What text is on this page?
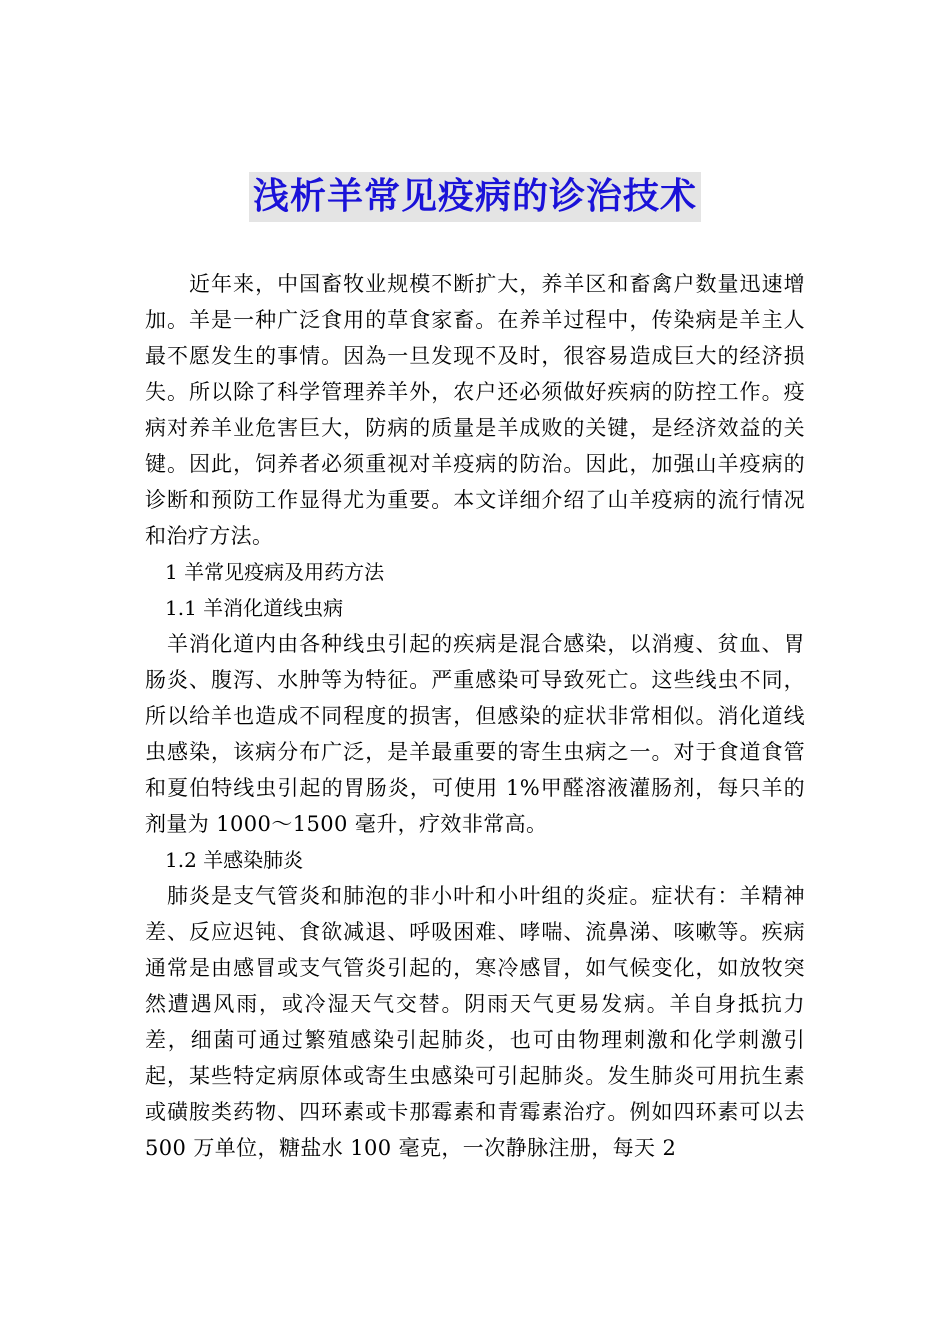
浅析羊常见疫病的诊治技术

近年来，中国畜牧业规模不断扩大，养羊区和畜禽户数量迅速增加。羊是一种广泛食用的草食家畜。在养羊过程中，传染病是羊主人最不愿发生的事情。因為一旦发现不及时，很容易造成巨大的经济损失。所以除了科学管理养羊外，农户还必须做好疾病的防控工作。疫病对养羊业危害巨大，防病的质量是羊成败的关键，是经济效益的关键。因此，饲养者必须重视对羊疫病的防治。因此，加强山羊疫病的诊断和预防工作显得尤为重要。本文详细介绍了山羊疫病的流行情况和治疗方法。

1 羊常见疫病及用药方法

1.1 羊消化道线虫病

羊消化道内由各种线虫引起的疾病是混合感染，以消瘦、贫血、胃肠炎、腹泻、水肿等为特征。严重感染可导致死亡。这些线虫不同，所以给羊也造成不同程度的损害，但感染的症状非常相似。消化道线虫感染，该病分布广泛，是羊最重要的寄生虫病之一。对于食道食管和夏伯特线虫引起的胃肠炎，可使用 1%甲醛溶液灌肠剂，每只羊的剂量为 1000～1500 毫升，疗效非常高。

1.2 羊感染肺炎

肺炎是支气管炎和肺泡的非小叶和小叶组的炎症。症状有：羊精神差、反应迟钝、食欲减退、呼吸困难、哮喘、流鼻涕、咳嗽等。疾病通常是由感冒或支气管炎引起的，寒冷感冒，如气候变化，如放牧突然遭遇风雨，或冷湿天气交替。阴雨天气更易发病。羊自身抵抗力差，细菌可通过繁殖感染引起肺炎，也可由物理刺激和化学刺激引起，某些特定病原体或寄生虫感染可引起肺炎。发生肺炎可用抗生素或磺胺类药物、四环素或卡那霉素和青霉素治疗。例如四环素可以去 500 万单位，糖盐水 100 毫克，一次静脉注册，每天 2
